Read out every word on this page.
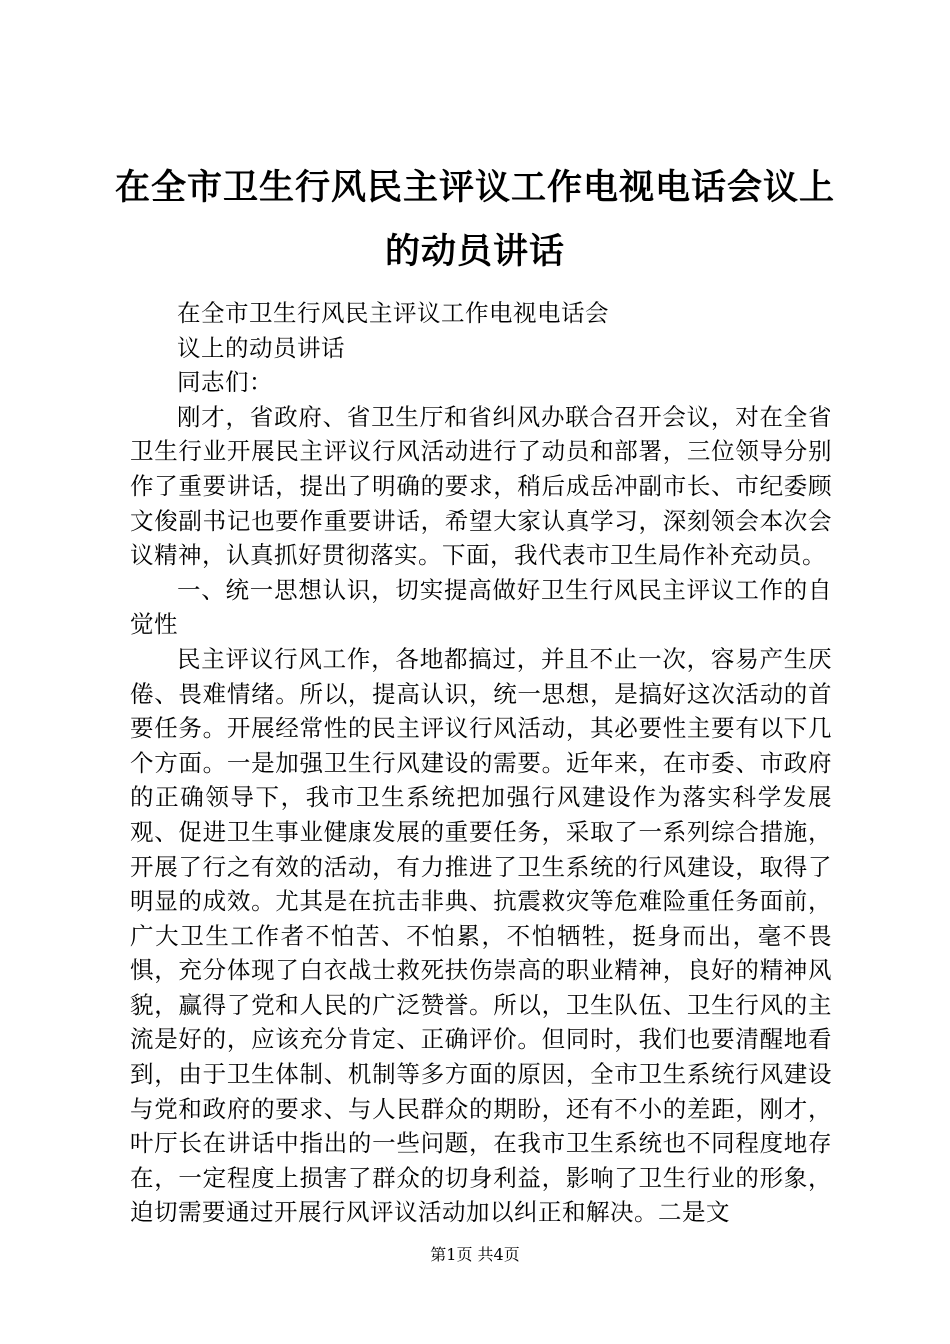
在全市卫生行风民主评议工作电视电话会议上
的动员讲话

在全市卫生行风民主评议工作电视电话会

议上的动员讲话

同志们：

刚才，省政府、省卫生厅和省纠风办联合召开会议，对在全省卫生行业开展民主评议行风活动进行了动员和部署，三位领导分别作了重要讲话，提出了明确的要求，稍后成岳冲副市长、市纪委顾文俊副书记也要作重要讲话，希望大家认真学习，深刻领会本次会议精神，认真抓好贯彻落实。下面，我代表市卫生局作补充动员。

一、统一思想认识，切实提高做好卫生行风民主评议工作的自觉性

民主评议行风工作，各地都搞过，并且不止一次，容易产生厌倦、畏难情绪。所以，提高认识，统一思想，是搞好这次活动的首要任务。开展经常性的民主评议行风活动，其必要性主要有以下几个方面。一是加强卫生行风建设的需要。近年来，在市委、市政府的正确领导下，我市卫生系统把加强行风建设作为落实科学发展观、促进卫生事业健康发展的重要任务，采取了一系列综合措施，开展了行之有效的活动，有力推进了卫生系统的行风建设，取得了明显的成效。尤其是在抗击非典、抗震救灾等危难险重任务面前，广大卫生工作者不怕苦、不怕累，不怕牺牲，挺身而出，毫不畏惧，充分体现了白衣战士救死扶伤崇高的职业精神，良好的精神风貌，赢得了党和人民的广泛赞誉。所以，卫生队伍、卫生行风的主流是好的，应该充分肯定、正确评价。但同时，我们也要清醒地看到，由于卫生体制、机制等多方面的原因，全市卫生系统行风建设与党和政府的要求、与人民群众的期盼，还有不小的差距，刚才，叶厅长在讲话中指出的一些问题，在我市卫生系统也不同程度地存在，一定程度上损害了群众的切身利益，影响了卫生行业的形象，迫切需要通过开展行风评议活动加以纠正和解决。二是文

第1页 共4页
